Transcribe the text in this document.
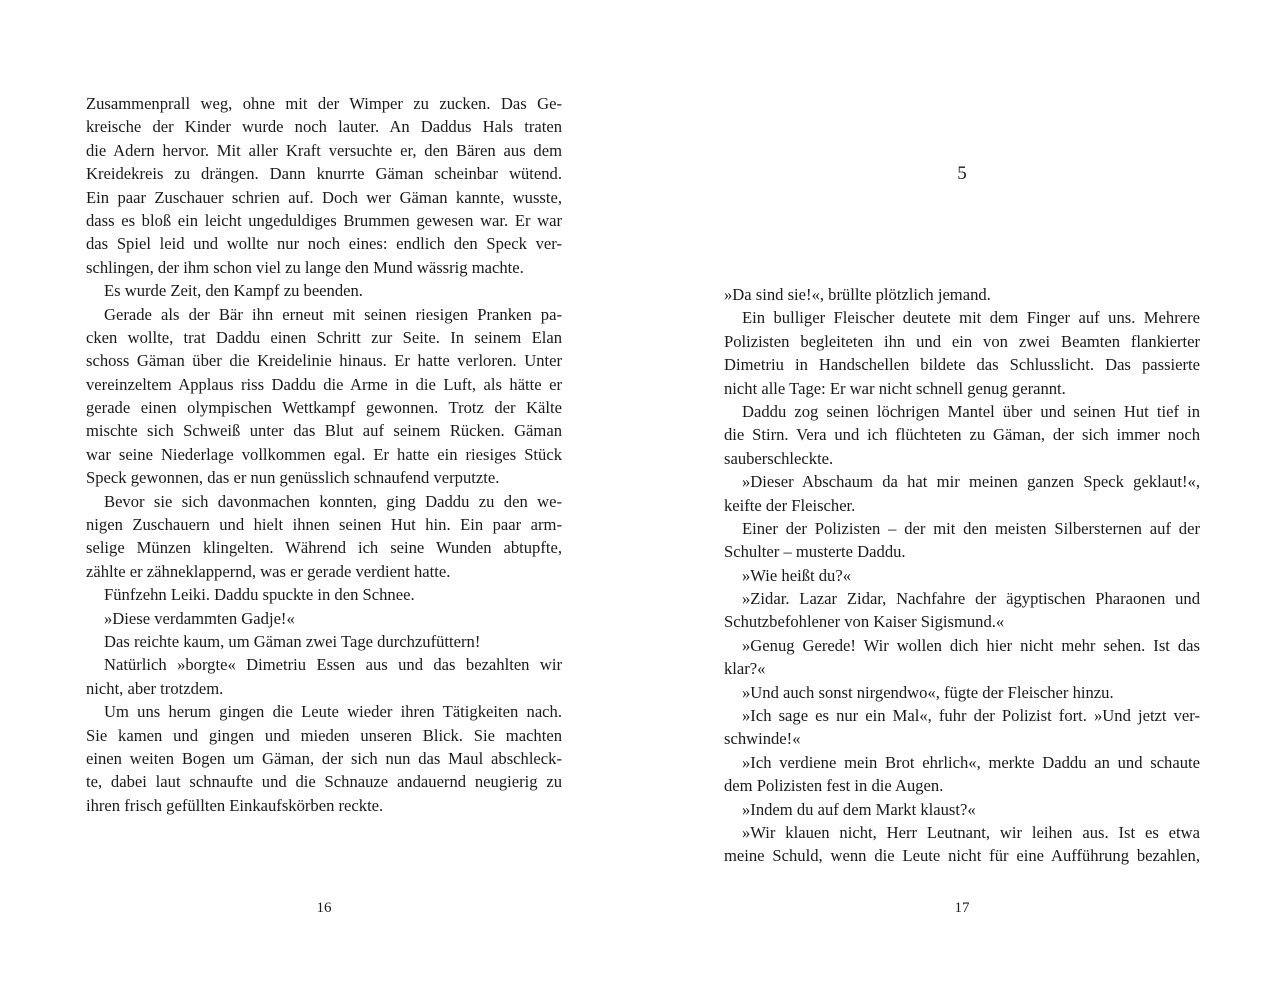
Zusammenprall weg, ohne mit der Wimper zu zucken. Das Ge-
kreische der Kinder wurde noch lauter. An Daddus Hals traten
die Adern hervor. Mit aller Kraft versuchte er, den Bären aus dem
Kreidekreis zu drängen. Dann knurrte Gäman scheinbar wütend.
Ein paar Zuschauer schrien auf. Doch wer Gäman kannte, wusste,
dass es bloß ein leicht ungeduldiges Brummen gewesen war. Er war
das Spiel leid und wollte nur noch eines: endlich den Speck ver-
schlingen, der ihm schon viel zu lange den Mund wässrig machte.
Es wurde Zeit, den Kampf zu beenden.
Gerade als der Bär ihn erneut mit seinen riesigen Pranken pa-
cken wollte, trat Daddu einen Schritt zur Seite. In seinem Elan
schoss Gäman über die Kreidelinie hinaus. Er hatte verloren. Unter
vereinzeltem Applaus riss Daddu die Arme in die Luft, als hätte er
gerade einen olympischen Wettkampf gewonnen. Trotz der Kälte
mischte sich Schweiß unter das Blut auf seinem Rücken. Gäman
war seine Niederlage vollkommen egal. Er hatte ein riesiges Stück
Speck gewonnen, das er nun genüsslich schnaufend verputzte.
Bevor sie sich davonmachen konnten, ging Daddu zu den we-
nigen Zuschauern und hielt ihnen seinen Hut hin. Ein paar arm-
selige Münzen klingelten. Während ich seine Wunden abtupfte,
zählte er zähneklappernd, was er gerade verdient hatte.
Fünfzehn Leiki. Daddu spuckte in den Schnee.
»Diese verdammten Gadje!«
Das reichte kaum, um Gäman zwei Tage durchzufüttern!
Natürlich »borgte« Dimetriu Essen aus und das bezahlten wir
nicht, aber trotzdem.
Um uns herum gingen die Leute wieder ihren Tätigkeiten nach.
Sie kamen und gingen und mieden unseren Blick. Sie machten
einen weiten Bogen um Gäman, der sich nun das Maul abschleck-
te, dabei laut schnaufte und die Schnauze andauernd neugierig zu
ihren frisch gefüllten Einkaufskörben reckte.
16
5
»Da sind sie!«, brüllte plötzlich jemand.
Ein bulliger Fleischer deutete mit dem Finger auf uns. Mehrere
Polizisten begleiteten ihn und ein von zwei Beamten flankierter
Dimetriu in Handschellen bildete das Schlusslicht. Das passierte
nicht alle Tage: Er war nicht schnell genug gerannt.
Daddu zog seinen löchrigen Mantel über und seinen Hut tief in
die Stirn. Vera und ich flüchteten zu Gäman, der sich immer noch
sauberschleckte.
»Dieser Abschaum da hat mir meinen ganzen Speck geklaut!«,
keifte der Fleischer.
Einer der Polizisten – der mit den meisten Silbersternen auf der
Schulter – musterte Daddu.
»Wie heißt du?«
»Zidar. Lazar Zidar, Nachfahre der ägyptischen Pharaonen und
Schutzbefohlener von Kaiser Sigismund.«
»Genug Gerede! Wir wollen dich hier nicht mehr sehen. Ist das
klar?«
»Und auch sonst nirgendwo«, fügte der Fleischer hinzu.
»Ich sage es nur ein Mal«, fuhr der Polizist fort. »Und jetzt ver-
schwinde!«
»Ich verdiene mein Brot ehrlich«, merkte Daddu an und schaute
dem Polizisten fest in die Augen.
»Indem du auf dem Markt klaust?«
»Wir klauen nicht, Herr Leutnant, wir leihen aus. Ist es etwa
meine Schuld, wenn die Leute nicht für eine Aufführung bezahlen,
17
